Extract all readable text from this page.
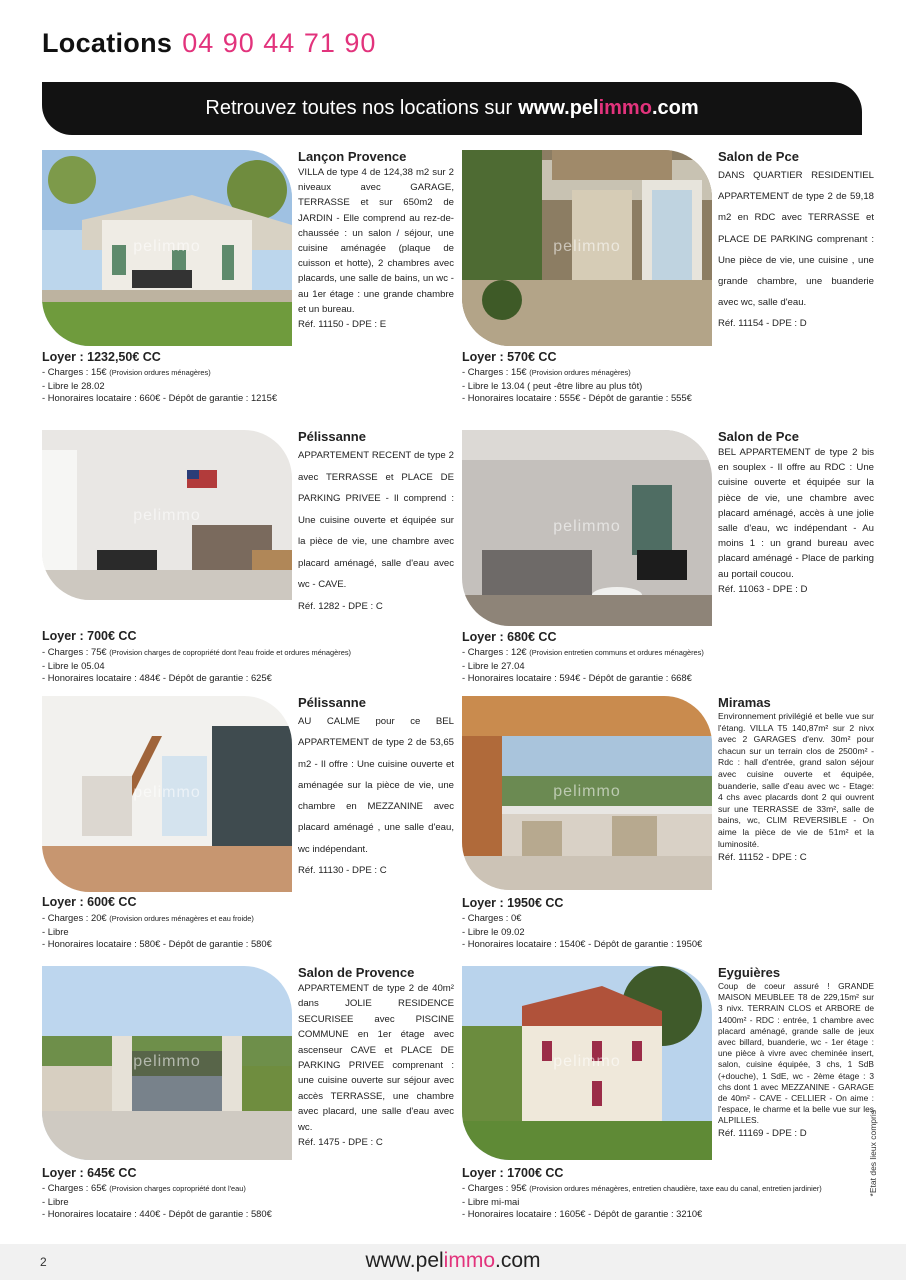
Locations 04 90 44 71 90
Retrouvez toutes nos locations sur www.pelimmo.com
pelimmo
Lançon Provence
VILLA de type 4 de 124,38 m2 sur 2 niveaux avec GARAGE, TERRASSE et sur 650m2 de JARDIN - Elle comprend au rez-de-chaussée : un salon / séjour, une cuisine aménagée (plaque de cuisson et hotte), 2 chambres avec placards, une salle de bains, un wc - au 1er étage : une grande chambre et un bureau.
Réf. 11150 - DPE : E
Loyer : 1232,50€ CC
- Charges : 15€ (Provision ordures ménagères)
- Libre le 28.02
- Honoraires locataire : 660€ - Dépôt de garantie : 1215€
pelimmo
Salon de Pce
DANS QUARTIER RESIDENTIEL APPARTEMENT de type 2 de 59,18 m2 en RDC avec TERRASSE et PLACE DE PARKING comprenant : Une pièce de vie, une cuisine , une grande chambre, une buanderie avec wc, salle d'eau.
Réf. 11154 - DPE : D
Loyer : 570€ CC
- Charges : 15€ (Provision ordures ménagères)
- Libre le 13.04 ( peut -être libre au plus tôt)
- Honoraires locataire : 555€ - Dépôt de garantie : 555€
pelimmo
Pélissanne
APPARTEMENT RECENT de type 2 avec TERRASSE et PLACE DE PARKING PRIVEE - Il comprend : Une cuisine ouverte et équipée sur la pièce de vie, une chambre avec placard aménagé, salle d'eau avec wc - CAVE.
Réf. 1282 - DPE : C
Loyer : 700€ CC
- Charges : 75€ (Provision charges de copropriété dont l'eau froide et ordures ménagères)
- Libre le 05.04
- Honoraires locataire : 484€ - Dépôt de garantie : 625€
pelimmo
Salon de Pce
BEL APPARTEMENT de type 2 bis en souplex - Il offre au RDC : Une cuisine ouverte et équipée sur la pièce de vie, une chambre avec placard aménagé, accès à une jolie salle d'eau, wc indépendant - Au moins 1 : un grand bureau avec placard aménagé - Place de parking au portail coucou.
Réf. 11063 - DPE : D
Loyer : 680€ CC
- Charges : 12€ (Provision entretien communs et ordures ménagères)
- Libre le 27.04
- Honoraires locataire : 594€ - Dépôt de garantie : 668€
pelimmo
Pélissanne
AU CALME pour ce BEL APPARTEMENT de type 2 de 53,65 m2 - Il offre : Une cuisine ouverte et aménagée sur la pièce de vie, une chambre en MEZZANINE avec placard aménagé , une salle d'eau, wc indépendant.
Réf. 11130 - DPE : C
Loyer : 600€ CC
- Charges : 20€ (Provision ordures ménagères et eau froide)
- Libre
- Honoraires locataire : 580€ - Dépôt de garantie : 580€
pelimmo
Miramas
Environnement privilégié et belle vue sur l'étang. VILLA T5 140,87m² sur 2 nivx avec 2 GARAGES d'env. 30m² pour chacun sur un terrain clos de 2500m² - Rdc : hall d'entrée, grand salon séjour avec cuisine ouverte et équipée, buanderie, salle d'eau avec wc - Etage: 4 chs avec placards dont 2 qui ouvrent sur une TERRASSE de 33m², salle de bains, wc, CLIM REVERSIBLE - On aime la pièce de vie de 51m² et la luminosité.
Réf. 11152 - DPE : C
Loyer : 1950€ CC
- Charges : 0€
- Libre le 09.02
- Honoraires locataire : 1540€ - Dépôt de garantie : 1950€
pelimmo
Salon de Provence
APPARTEMENT de type 2 de 40m² dans JOLIE RESIDENCE SECURISEE avec PISCINE COMMUNE en 1er étage avec ascenseur CAVE et PLACE DE PARKING PRIVEE comprenant : une cuisine ouverte sur séjour avec accès TERRASSE, une chambre avec placard, une salle d'eau avec wc.
Réf. 1475 - DPE : C
Loyer : 645€ CC
- Charges : 65€ (Provision charges copropriété dont l'eau)
- Libre
- Honoraires locataire : 440€ - Dépôt de garantie : 580€
pelimmo
Eyguières
Coup de coeur assuré ! GRANDE MAISON MEUBLEE T8 de 229,15m² sur 3 nivx. TERRAIN CLOS et ARBORE de 1400m² - RDC : entrée, 1 chambre avec placard aménagé, grande salle de jeux avec billard, buanderie, wc - 1er étage : une pièce à vivre avec cheminée insert, salon, cuisine équipée, 3 chs, 1 SdB (+douche), 1 SdE, wc - 2ème étage : 3 chs dont 1 avec MEZZANINE - GARAGE de 40m² - CAVE - CELLIER - On aime : l'espace, le charme et la belle vue sur les ALPILLES.
Réf. 11169 - DPE : D
Loyer : 1700€ CC
- Charges : 95€ (Provision ordures ménagères, entretien chaudière, taxe eau du canal, entretien jardinier)
- Libre mi-mai
- Honoraires locataire : 1605€ - Dépôt de garantie : 3210€
*Etat des lieux compris
2	www.pelimmo.com
